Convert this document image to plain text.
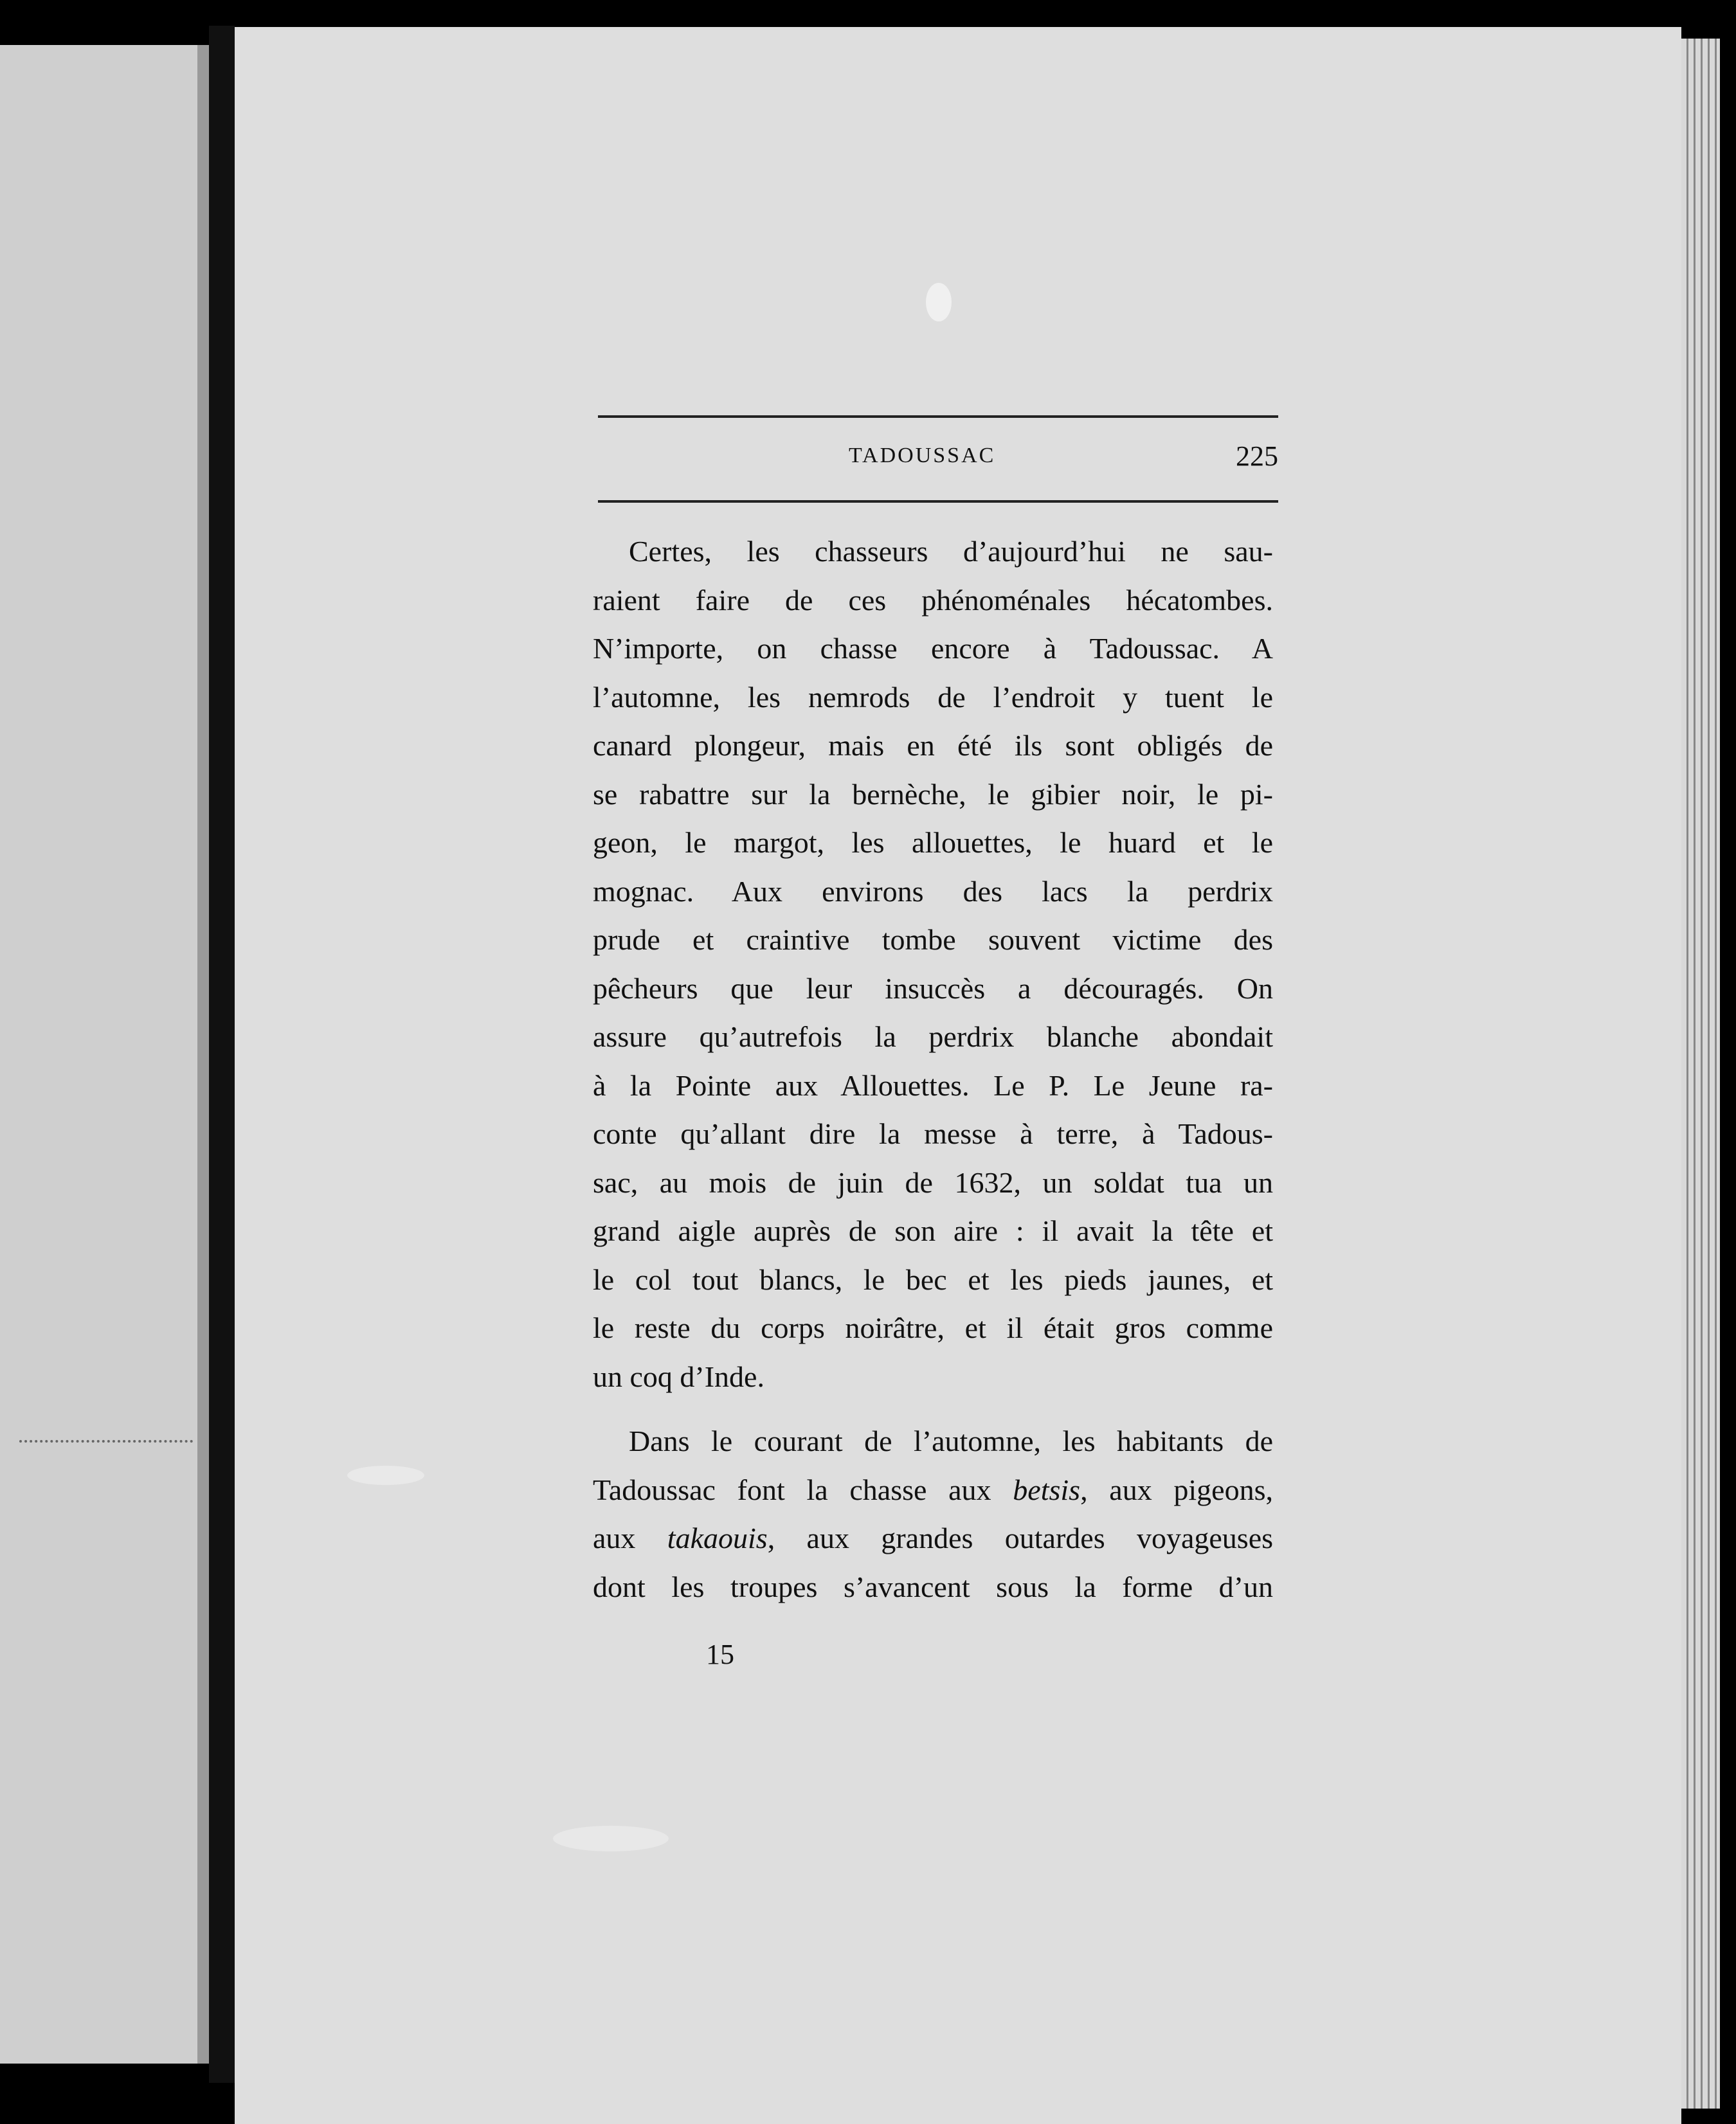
TADOUSSAC	225
Certes, les chasseurs d’aujourd’hui ne sau-
raient faire de ces phénoménales hécatombes.
N’importe, on chasse encore à Tadoussac. A
l’automne, les nemrods de l’endroit y tuent le
canard plongeur, mais en été ils sont obligés de
se rabattre sur la bernèche, le gibier noir, le pi-
geon, le margot, les allouettes, le huard et le
mognac. Aux environs des lacs la perdrix
prude et craintive tombe souvent victime des
pêcheurs que leur insuccès a découragés. On
assure qu’autrefois la perdrix blanche abondait
à la Pointe aux Allouettes. Le P. Le Jeune ra-
conte qu’allant dire la messe à terre, à Tadous-
sac, au mois de juin de 1632, un soldat tua un
grand aigle auprès de son aire : il avait la tête et
le col tout blancs, le bec et les pieds jaunes, et
le reste du corps noirâtre, et il était gros comme
un coq d’Inde.
Dans le courant de l’automne, les habitants de
Tadoussac font la chasse aux betsis, aux pigeons,
aux takaouis, aux grandes outardes voyageuses
dont les troupes s’avancent sous la forme d’un
15
